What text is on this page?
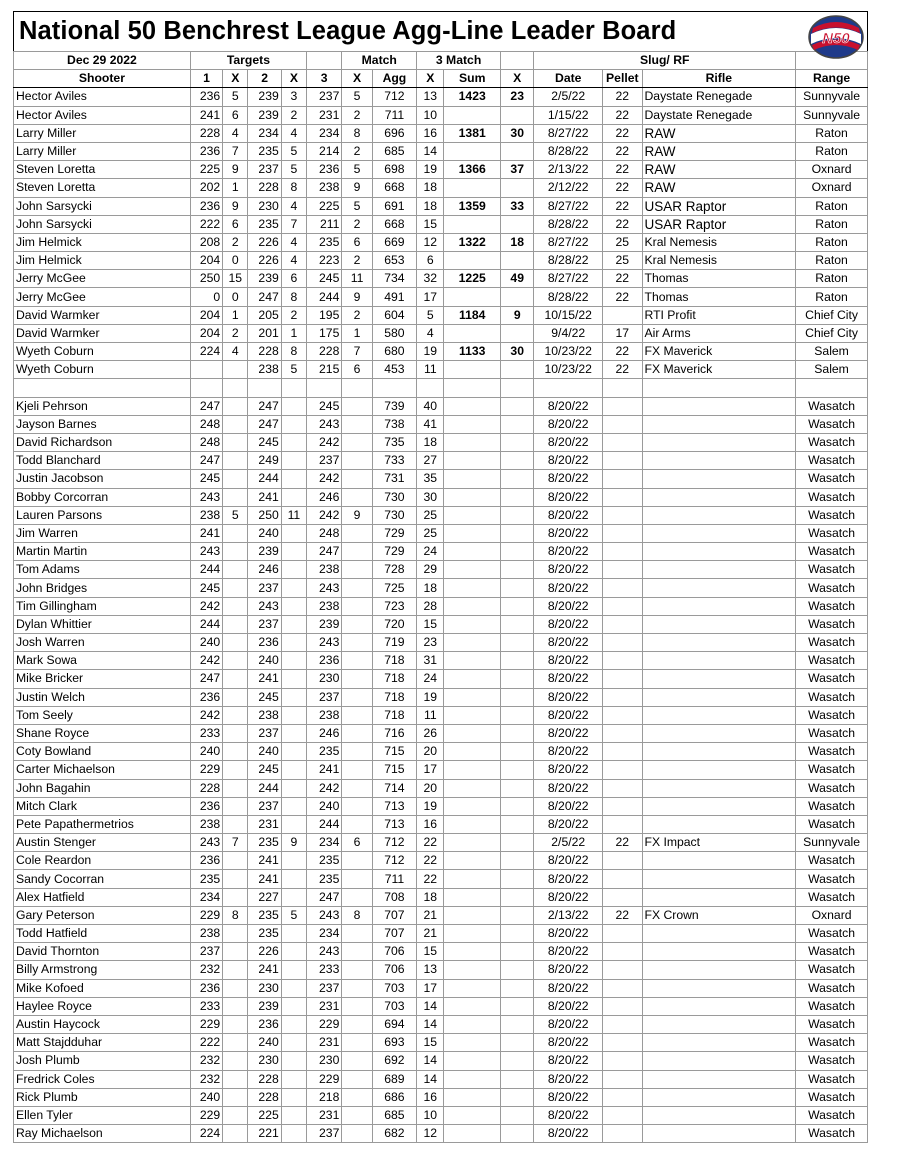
National 50 Benchrest League Agg-Line Leader Board	N50
Dec 29 2022	Targets					Match		3 Match			Slug/ RF			
Shooter	1	X	2	X	3	X	Agg	X	Sum	X	Date	Pellet	Rifle	Range
Hector Aviles	236	5	239	3	237	5	712	13	1423	23	2/5/22	22	Daystate Renegade	Sunnyvale
Hector Aviles	241	6	239	2	231	2	711	10			1/15/22	22	Daystate Renegade	Sunnyvale
Larry Miller	228	4	234	4	234	8	696	16	1381	30	8/27/22	22	RAW	Raton
Larry Miller	236	7	235	5	214	2	685	14			8/28/22	22	RAW	Raton
Steven Loretta	225	9	237	5	236	5	698	19	1366	37	2/13/22	22	RAW	Oxnard
Steven Loretta	202	1	228	8	238	9	668	18			2/12/22	22	RAW	Oxnard
John Sarsycki	236	9	230	4	225	5	691	18	1359	33	8/27/22	22	USAR Raptor	Raton
John Sarsycki	222	6	235	7	211	2	668	15			8/28/22	22	USAR Raptor	Raton
Jim Helmick	208	2	226	4	235	6	669	12	1322	18	8/27/22	25	Kral Nemesis	Raton
Jim Helmick	204	0	226	4	223	2	653	6			8/28/22	25	Kral Nemesis	Raton
Jerry McGee	250	15	239	6	245	11	734	32	1225	49	8/27/22	22	Thomas	Raton
Jerry McGee	0	0	247	8	244	9	491	17			8/28/22	22	Thomas	Raton
David Warmker	204	1	205	2	195	2	604	5	1184	9	10/15/22		RTI Profit	Chief City
David Warmker	204	2	201	1	175	1	580	4			9/4/22	17	Air Arms	Chief City
Wyeth Coburn	224	4	228	8	228	7	680	19	1133	30	10/23/22	22	FX Maverick	Salem
Wyeth Coburn			238	5	215	6	453	11			10/23/22	22	FX Maverick	Salem

Kjeli Pehrson	247		247		245		739	40			8/20/22			Wasatch
Jayson Barnes	248		247		243		738	41			8/20/22			Wasatch
David Richardson	248		245		242		735	18			8/20/22			Wasatch
Todd Blanchard	247		249		237		733	27			8/20/22			Wasatch
Justin Jacobson	245		244		242		731	35			8/20/22			Wasatch
Bobby Corcorran	243		241		246		730	30			8/20/22			Wasatch
Lauren Parsons	238	5	250	11	242	9	730	25			8/20/22			Wasatch
Jim Warren	241		240		248		729	25			8/20/22			Wasatch
Martin Martin	243		239		247		729	24			8/20/22			Wasatch
Tom Adams	244		246		238		728	29			8/20/22			Wasatch
John Bridges	245		237		243		725	18			8/20/22			Wasatch
Tim Gillingham	242		243		238		723	28			8/20/22			Wasatch
Dylan Whittier	244		237		239		720	15			8/20/22			Wasatch
Josh Warren	240		236		243		719	23			8/20/22			Wasatch
Mark Sowa	242		240		236		718	31			8/20/22			Wasatch
Mike Bricker	247		241		230		718	24			8/20/22			Wasatch
Justin Welch	236		245		237		718	19			8/20/22			Wasatch
Tom Seely	242		238		238		718	11			8/20/22			Wasatch
Shane Royce	233		237		246		716	26			8/20/22			Wasatch
Coty Bowland	240		240		235		715	20			8/20/22			Wasatch
Carter Michaelson	229		245		241		715	17			8/20/22			Wasatch
John Bagahin	228		244		242		714	20			8/20/22			Wasatch
Mitch Clark	236		237		240		713	19			8/20/22			Wasatch
Pete Papathermetrios	238		231		244		713	16			8/20/22			Wasatch
Austin Stenger	243	7	235	9	234	6	712	22			2/5/22	22	FX Impact	Sunnyvale
Cole Reardon	236		241		235		712	22			8/20/22			Wasatch
Sandy Cocorran	235		241		235		711	22			8/20/22			Wasatch
Alex Hatfield	234		227		247		708	18			8/20/22			Wasatch
Gary Peterson	229	8	235	5	243	8	707	21			2/13/22	22	FX Crown	Oxnard
Todd Hatfield	238		235		234		707	21			8/20/22			Wasatch
David Thornton	237		226		243		706	15			8/20/22			Wasatch
Billy Armstrong	232		241		233		706	13			8/20/22			Wasatch
Mike Kofoed	236		230		237		703	17			8/20/22			Wasatch
Haylee Royce	233		239		231		703	14			8/20/22			Wasatch
Austin Haycock	229		236		229		694	14			8/20/22			Wasatch
Matt Stajdduhar	222		240		231		693	15			8/20/22			Wasatch
Josh Plumb	232		230		230		692	14			8/20/22			Wasatch
Fredrick Coles	232		228		229		689	14			8/20/22			Wasatch
Rick Plumb	240		228		218		686	16			8/20/22			Wasatch
Ellen Tyler	229		225		231		685	10			8/20/22			Wasatch
Ray Michaelson	224		221		237		682	12			8/20/22			Wasatch
